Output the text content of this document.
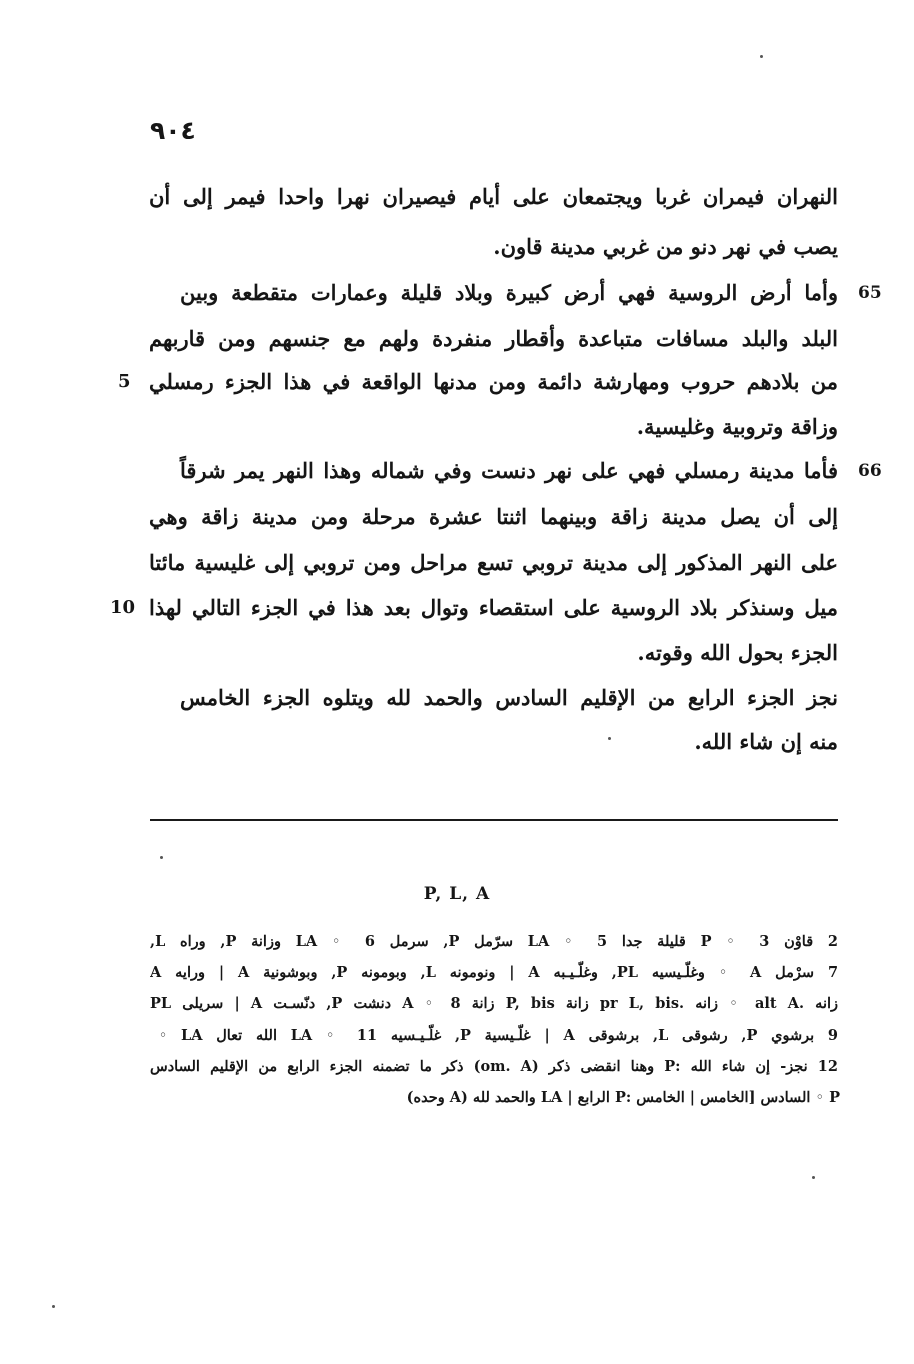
٩٠٤
النهران فيمران غربا ويجتمعان على أيام فيصيران نهرا واحدا فيمر إلى أن
يصب في نهر دنو من غربي مدينة قاون.
وأما أرض الروسية فهي أرض كبيرة وبلاد قليلة وعمارات متقطعة وبين
البلد والبلد مسافات متباعدة وأقطار منفردة ولهم مع جنسهم ومن قاربهم
من بلادهم حروب ومهارشة دائمة ومن مدنها الواقعة في هذا الجزء رمسلي
وزاقة وتروبية وغليسية.
فأما مدينة رمسلي فهي على نهر دنست وفي شماله وهذا النهر يمر شرقاً
إلى أن يصل مدينة زاقة وبينهما اثنتا عشرة مرحلة ومن مدينة زاقة وهي
على النهر المذكور إلى مدينة تروبي تسع مراحل ومن تروبي إلى غليسية مائتا
ميل وسنذكر بلاد الروسية على استقصاء وتوال بعد هذا في الجزء التالي لهذا
الجزء بحول الله وقوته.
نجز الجزء الرابع من الإقليم السادس والحمد لله ويتلوه الجزء الخامس
منه إن شاء الله.
65
66
5
10
P, L, A
2 قاوْن P ◦ 3 قليلة جدا LA ◦ 5 سرّمل P, سرمل LA ◦ 6 وزانة P, وراه L,
7 سرْمل A ◦ وغلّـيسيه PL, وغلّـيـبه A | ونومونه L, وبومونه P, وبوشونية A | ورايه A
زانه .alt A ◦ زانه .pr L, bis زانة P, bis زانة 8 ◦ A دنشت P, دنّسـت A | سريلى PL
9 برشوي P, رشوقى L, برشوقى A | غلّـيسية P, غلّـيـسيه LA ◦ 11 الله تعال LA ◦
12 نجز- إن شاء الله :P وهنا انقضى ذكر (om. A) ذكر ما تضمنه الجزء الرابع من الإقليم السادس
P ◦ السادس [الخامس | الخامس :P الرابع | LA والحمد لله (A وحده)
